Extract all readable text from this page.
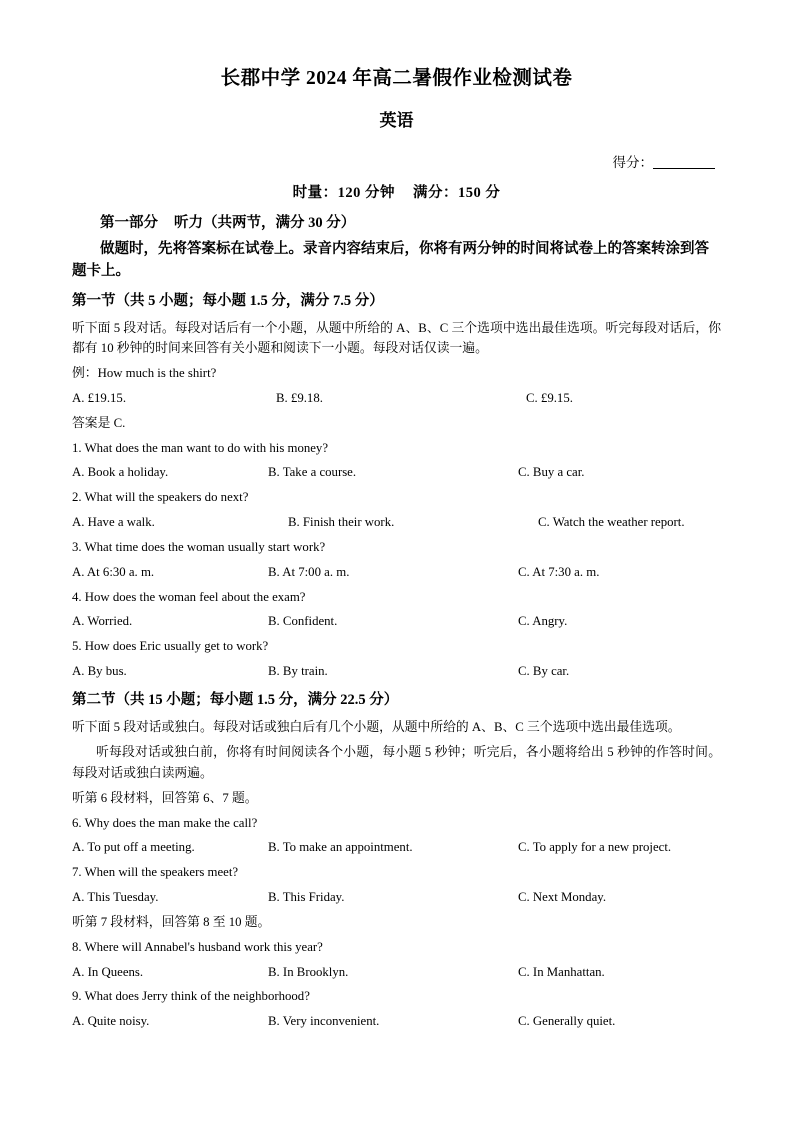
长郡中学 2024 年高二暑假作业检测试卷
英语
得分：
时量：120 分钟 满分：150 分
第一部分 听力（共两节，满分 30 分）
做题时，先将答案标在试卷上。录音内容结束后，你将有两分钟的时间将试卷上的答案转涂到答题卡上。
第一节（共 5 小题；每小题 1.5 分，满分 7.5 分）
听下面 5 段对话。每段对话后有一个小题，从题中所给的 A、B、C 三个选项中选出最佳选项。听完每段对话后，你都有 10 秒钟的时间来回答有关小题和阅读下一小题。每段对话仅读一遍。
例：How much is the shirt?
A. £19.15.	B. £9.18.	C. £9.15.
答案是 C.
1. What does the man want to do with his money?
A. Book a holiday.	B. Take a course.	C. Buy a car.
2. What will the speakers do next?
A. Have a walk.	B. Finish their work.	C. Watch the weather report.
3. What time does the woman usually start work?
A. At 6:30 a. m.	B. At 7:00 a. m.	C. At 7:30 a. m.
4. How does the woman feel about the exam?
A. Worried.	B. Confident.	C. Angry.
5. How does Eric usually get to work?
A. By bus.	B. By train.	C. By car.
第二节（共 15 小题；每小题 1.5 分，满分 22.5 分）
听下面 5 段对话或独白。每段对话或独白后有几个小题，从题中所给的 A、B、C 三个选项中选出最佳选项。
听每段对话或独白前，你将有时间阅读各个小题，每小题 5 秒钟；听完后，各小题将给出 5 秒钟的作答时间。每段对话或独白读两遍。
听第 6 段材料，回答第 6、7 题。
6. Why does the man make the call?
A. To put off a meeting.	B. To make an appointment.	C. To apply for a new project.
7. When will the speakers meet?
A. This Tuesday.	B. This Friday.	C. Next Monday.
听第 7 段材料，回答第 8 至 10 题。
8. Where will Annabel's husband work this year?
A. In Queens.	B. In Brooklyn.	C. In Manhattan.
9. What does Jerry think of the neighborhood?
A. Quite noisy.	B. Very inconvenient.	C. Generally quiet.
